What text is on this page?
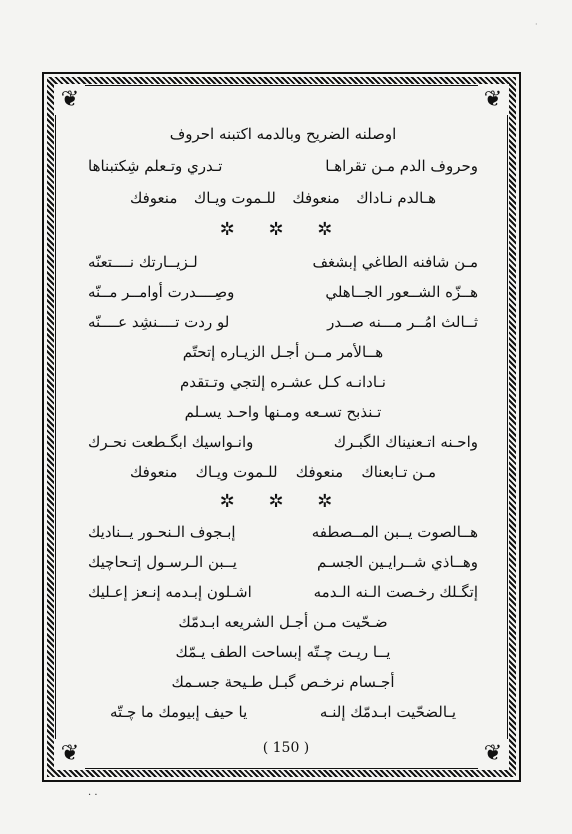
❦	❦
❦	❦
اوصلنه الضريح وبالدمه اكتبنه احروف
وحروف الدم مـن تقراهـا
تـدري وتـعلم شِكتبناها
هـالدم نـاداك
منعوفك
للـموت ويـاك
منعوفك
✲ ✲ ✲
مـن شافنه الطاغي إبشغف
لـزيــارتك نــــتعنّه
هــزّه الشــعور الجــاهلي
وصِــــدرت أوامــر مــنّه
ثــالث امُــر مـــنه صــدر
لو ردت تــــنشِد عــــنّه
هــالأمر مــن أجـل الزيـاره إتحتّم
نـادانـه كـل عشـره إلتجي وتـتقدم
تـنذبح تسـعه ومـنها واحـد يسـلم
واحـنه اتـعنيناك الگبـرك
وانـواسيك ابگـطعت نحـرك
مـن تـابعناك
منعوفك
للـموت ويـاك
منعوفك
✲ ✲ ✲
هــالصوت يــبن المــصطفه
إبـجوف الـنحـور يــناديك
وهــاذي شــرايـين الجسـم
يــبن الـرسـول إتـحاچيك
إتگـلك رخـصت الـنه الـدمه
اشـلون إبـدمه إنـعز إعـليك
ضـحّيت مـن أجـل الشريعه ابـدمّك
يــا ريـت چـتّه إبساحت الطف يـمّك
أجـسام نرخـص گبـل طـيحة جسـمك
يـالضحّيت ابـدمّك إلنـه
يا حيف إبيومك ما چـتّه
( 150 )
·
· ·
